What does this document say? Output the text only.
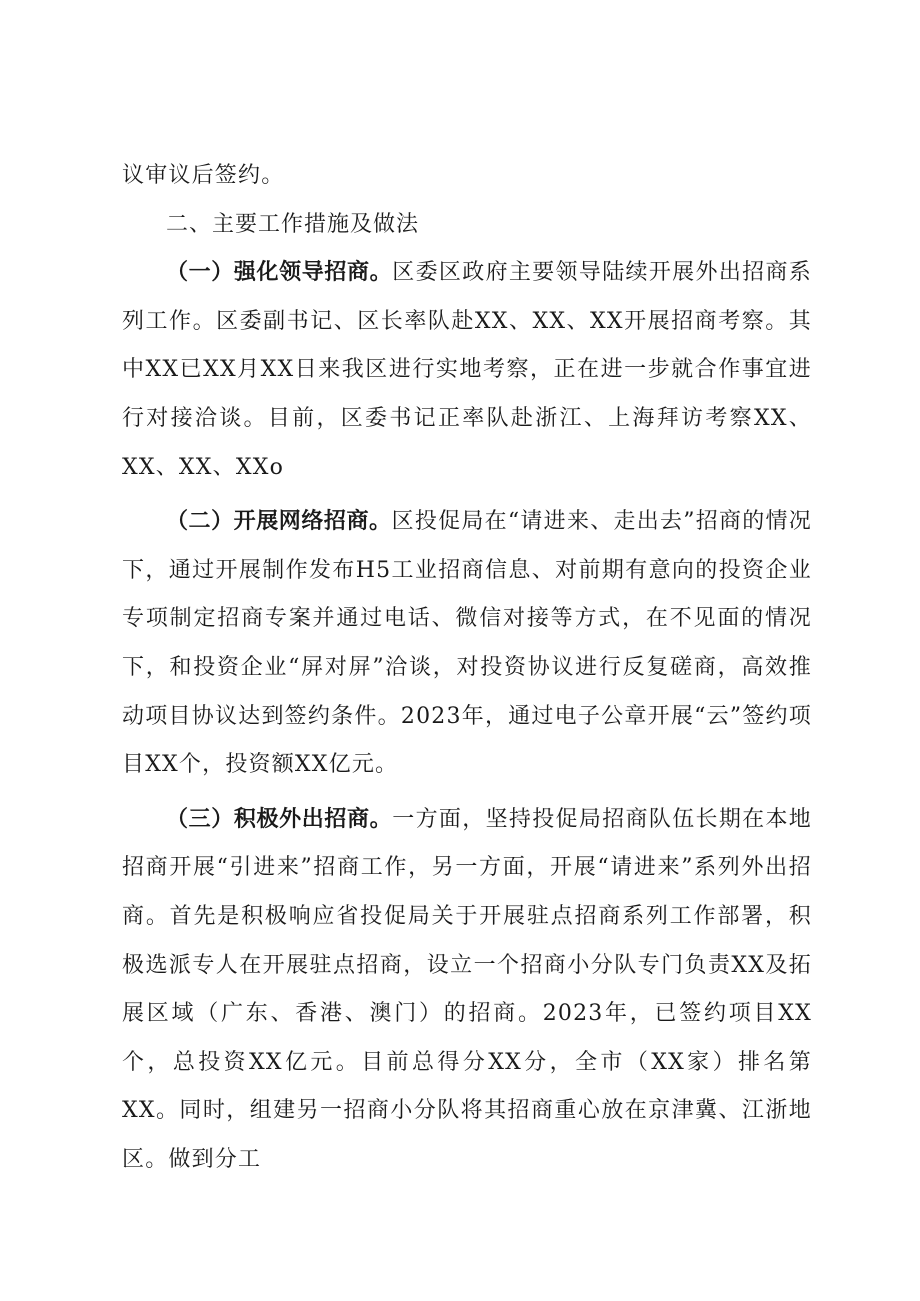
议审议后签约。

二、主要工作措施及做法

（一）强化领导招商。区委区政府主要领导陆续开展外出招商系列工作。区委副书记、区长率队赴XX、XX、XX开展招商考察。其中XX已XX月XX日来我区进行实地考察，正在进一步就合作事宜进行对接洽谈。目前，区委书记正率队赴浙江、上海拜访考察XX、XX、XX、XXo

（二）开展网络招商。区投促局在“请进来、走出去”招商的情况下，通过开展制作发布H5工业招商信息、对前期有意向的投资企业专项制定招商专案并通过电话、微信对接等方式，在不见面的情况下，和投资企业“屏对屏”洽谈，对投资协议进行反复磋商，高效推动项目协议达到签约条件。2023年，通过电子公章开展“云”签约项目XX个，投资额XX亿元。

（三）积极外出招商。一方面，坚持投促局招商队伍长期在本地招商开展“引进来”招商工作，另一方面，开展“请进来”系列外出招商。首先是积极响应省投促局关于开展驻点招商系列工作部署，积极选派专人在开展驻点招商，设立一个招商小分队专门负责XX及拓展区域（广东、香港、澳门）的招商。2023年，已签约项目XX个，总投资XX亿元。目前总得分XX分，全市（XX家）排名第XX。同时，组建另一招商小分队将其招商重心放在京津冀、江浙地区。做到分工
